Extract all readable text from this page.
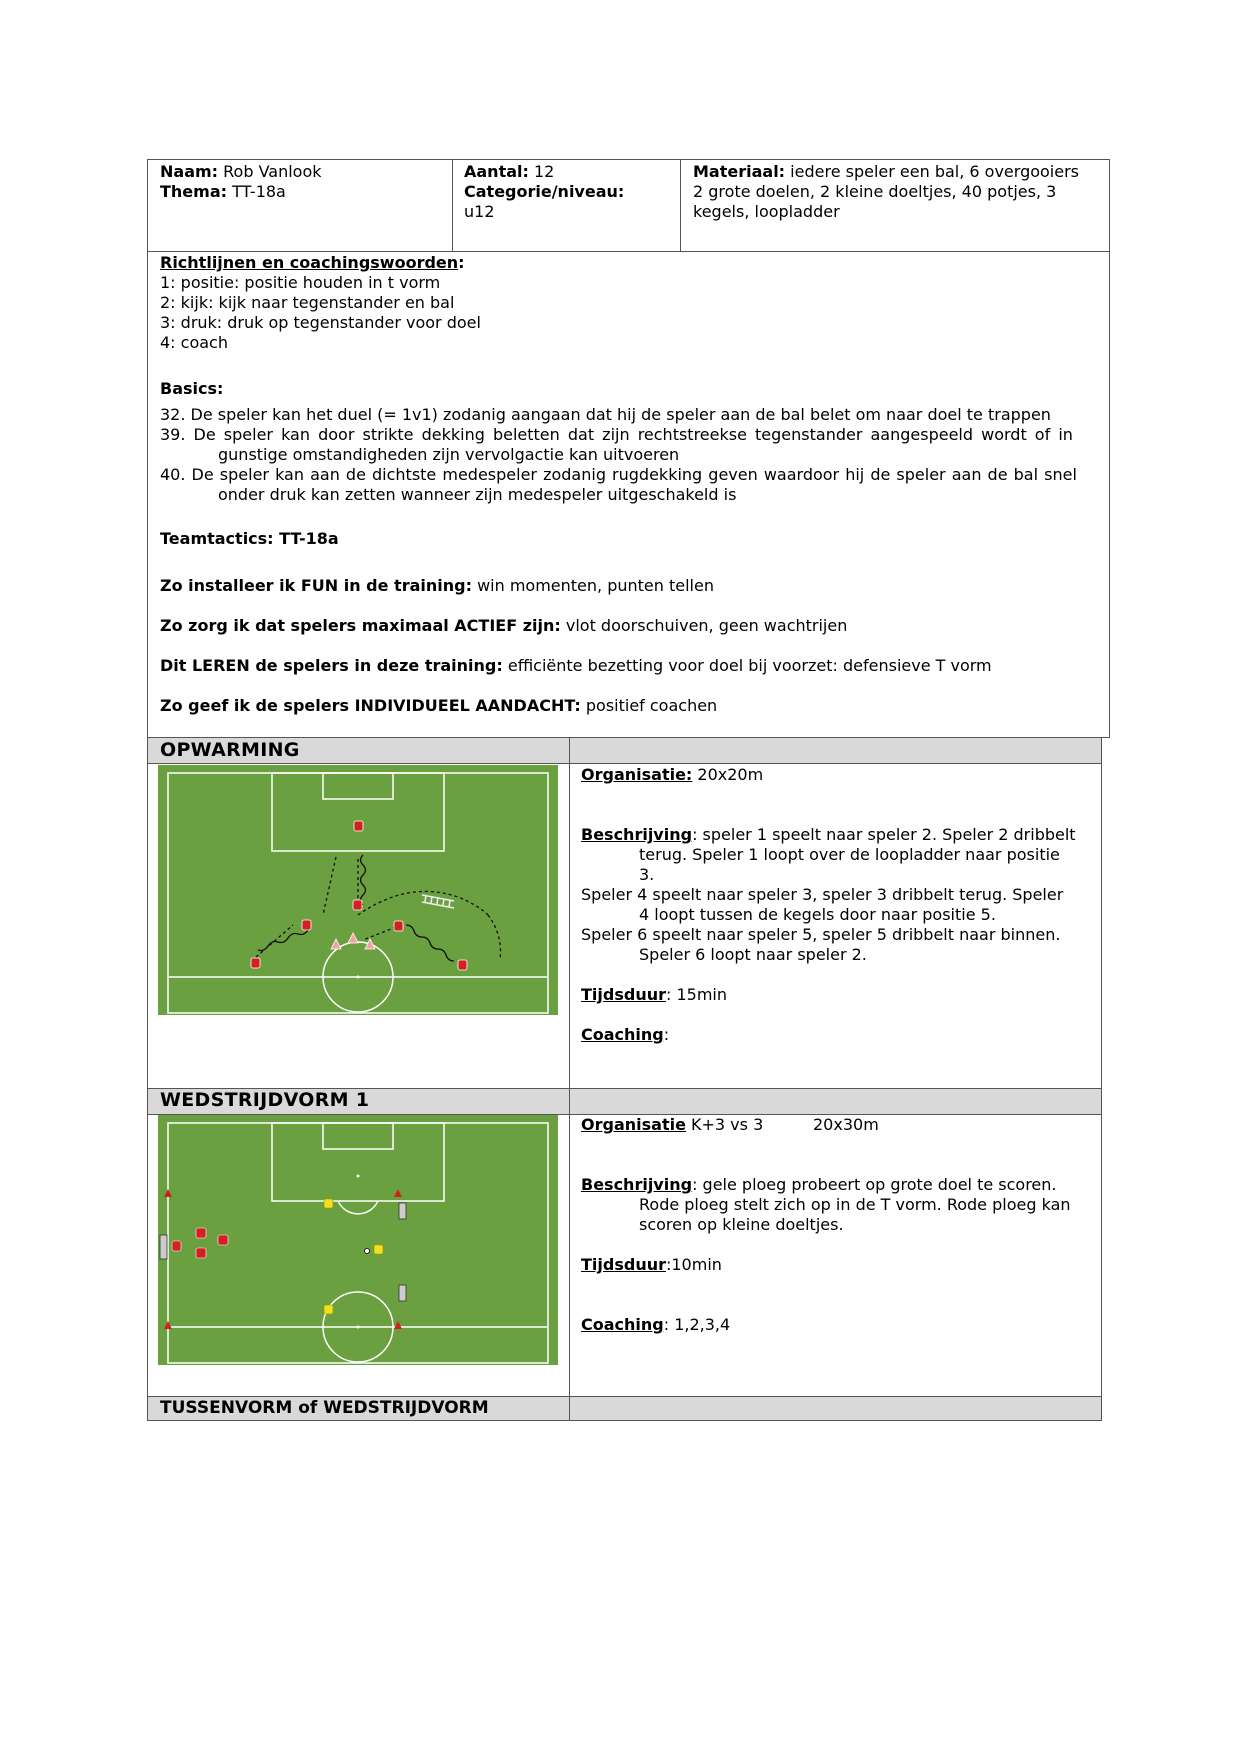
Naam: Rob Vanlook
Thema: TT-18a
Aantal: 12
Categorie/niveau:
u12
Materiaal: iedere speler een bal, 6 overgooiers
2 grote doelen, 2 kleine doeltjes, 40 potjes, 3
kegels, loopladder
Richtlijnen en coachingswoorden:
1: positie: positie houden in t vorm
2: kijk: kijk naar tegenstander en bal
3: druk: druk op tegenstander voor doel
4: coach
Basics:
32. De speler kan het duel (= 1v1) zodanig aangaan dat hij de speler aan de bal belet om naar doel te trappen
39. De speler kan door strikte dekking beletten dat zijn rechtstreekse tegenstander aangespeeld wordt of in
gunstige omstandigheden zijn vervolgactie kan uitvoeren
40. De speler kan aan de dichtste medespeler zodanig rugdekking geven waardoor hij de speler aan de bal snel
onder druk kan zetten wanneer zijn medespeler uitgeschakeld is
Teamtactics: TT-18a
Zo installeer ik FUN in de training: win momenten, punten tellen
Zo zorg ik dat spelers maximaal ACTIEF zijn: vlot doorschuiven, geen wachtrijen
Dit LEREN de spelers in deze training: efficiënte bezetting voor doel bij voorzet: defensieve T vorm
Zo geef ik de spelers INDIVIDUEEL AANDACHT: positief coachen
OPWARMING
Organisatie: 20x20m
Beschrijving: speler 1 speelt naar speler 2. Speler 2 dribbelt
terug. Speler 1 loopt over de loopladder naar positie
3.
Speler 4 speelt naar speler 3, speler 3 dribbelt terug. Speler
4 loopt tussen de kegels door naar positie 5.
Speler 6 speelt naar speler 5, speler 5 dribbelt naar binnen.
Speler 6 loopt naar speler 2.
Tijdsduur: 15min
Coaching:
WEDSTRIJDVORM 1
Organisatie K+3 vs 3	20x30m
Beschrijving: gele ploeg probeert op grote doel te scoren.
Rode ploeg stelt zich op in de T vorm. Rode ploeg kan
scoren op kleine doeltjes.
Tijdsduur:10min
Coaching: 1,2,3,4
TUSSENVORM of WEDSTRIJDVORM
